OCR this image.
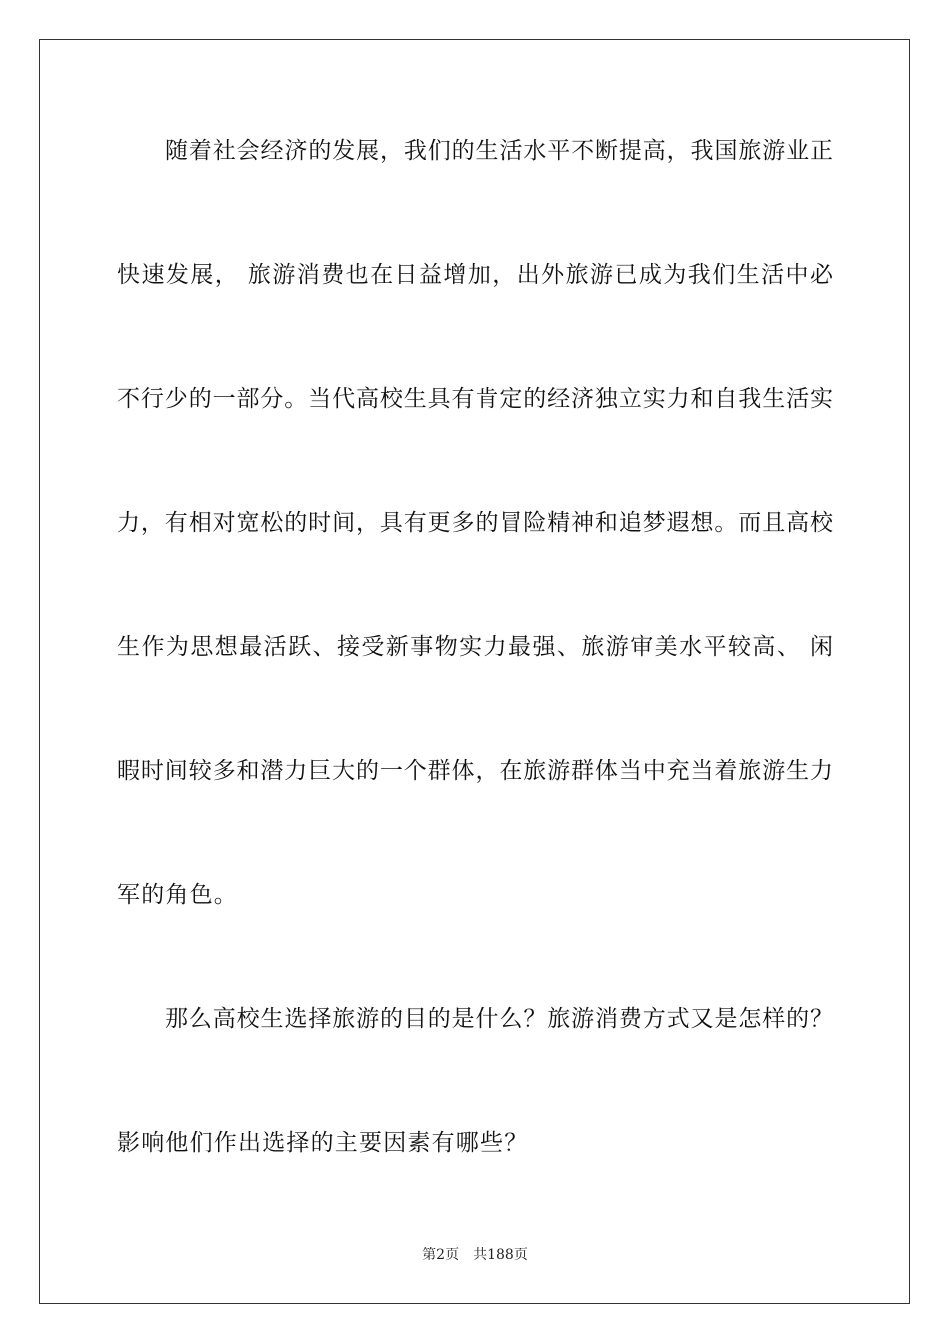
随着社会经济的发展，我们的生活水平不断提高，我国旅游业正
快速发展， 旅游消费也在日益增加，出外旅游已成为我们生活中必
不行少的一部分。当代高校生具有肯定的经济独立实力和自我生活实
力，有相对宽松的时间，具有更多的冒险精神和追梦遐想。而且高校
生作为思想最活跃、接受新事物实力最强、旅游审美水平较高、 闲
暇时间较多和潜力巨大的一个群体，在旅游群体当中充当着旅游生力
军的角色。
那么高校生选择旅游的目的是什么？旅游消费方式又是怎样的？
影响他们作出选择的主要因素有哪些？
第2页 共188页
